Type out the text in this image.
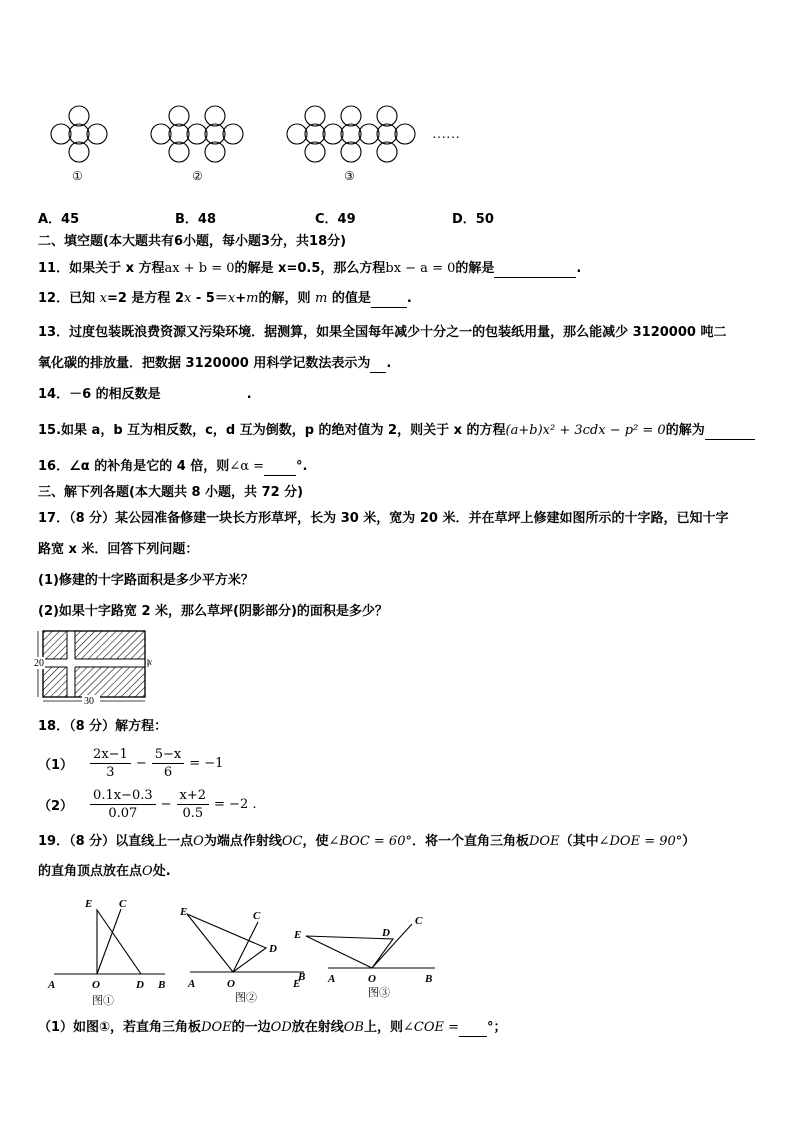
①	②	③
……
A．45	B．48	C．49	D．50
二、填空题(本大题共有6小题，每小题3分，共18分)
11．如果关于 x 方程ax + b = 0的解是 x=0.5，那么方程bx − a = 0的解是	.
12．已知 x=2 是方程 2x - 5＝x+m的解，则 m 的值是	.
13．过度包装既浪费资源又污染环境．据测算，如果全国每年减少十分之一的包装纸用量，那么能减少 3120000 吨二
氧化碳的排放量．把数据 3120000 用科学记数法表示为 .
14．－6 的相反数是	.
15.如果 a，b 互为相反数，c，d 互为倒数，p 的绝对值为 2，则关于 x 的方程(a+b)x² + 3cdx − p² = 0的解为
16．∠α 的补角是它的 4 倍，则∠α = °.
三、解下列各题(本大题共 8 小题，共 72 分)
17．（8 分）某公园准备修建一块长方形草坪，长为 30 米，宽为 20 米．并在草坪上修建如图所示的十字路，已知十字
路宽 x 米．回答下列问题：
(1)修建的十字路面积是多少平方米？
(2)如果十字路宽 2 米，那么草坪(阴影部分)的面积是多少？
30
20	x
18．（8 分）解方程：
$(1) \frac{2x-1}{3} - \frac{5-x}{6} = -1$
$(2) \frac{0.1x-0.3}{0.07} - \frac{x+2}{0.5} = -2$ .
19．（8 分）以直线上一点O为端点作射线OC，使∠BOC = 60°．将一个直角三角板DOE（其中∠DOE = 90°）
的直角顶点放在点O处.
E C
A	O	D B
E	C
D
A	O	E
B
E	D
C
A	O	B
图①	图②	图③
（1）如图①，若直角三角板DOE的一边OD放在射线OB上，则∠COE = °；
